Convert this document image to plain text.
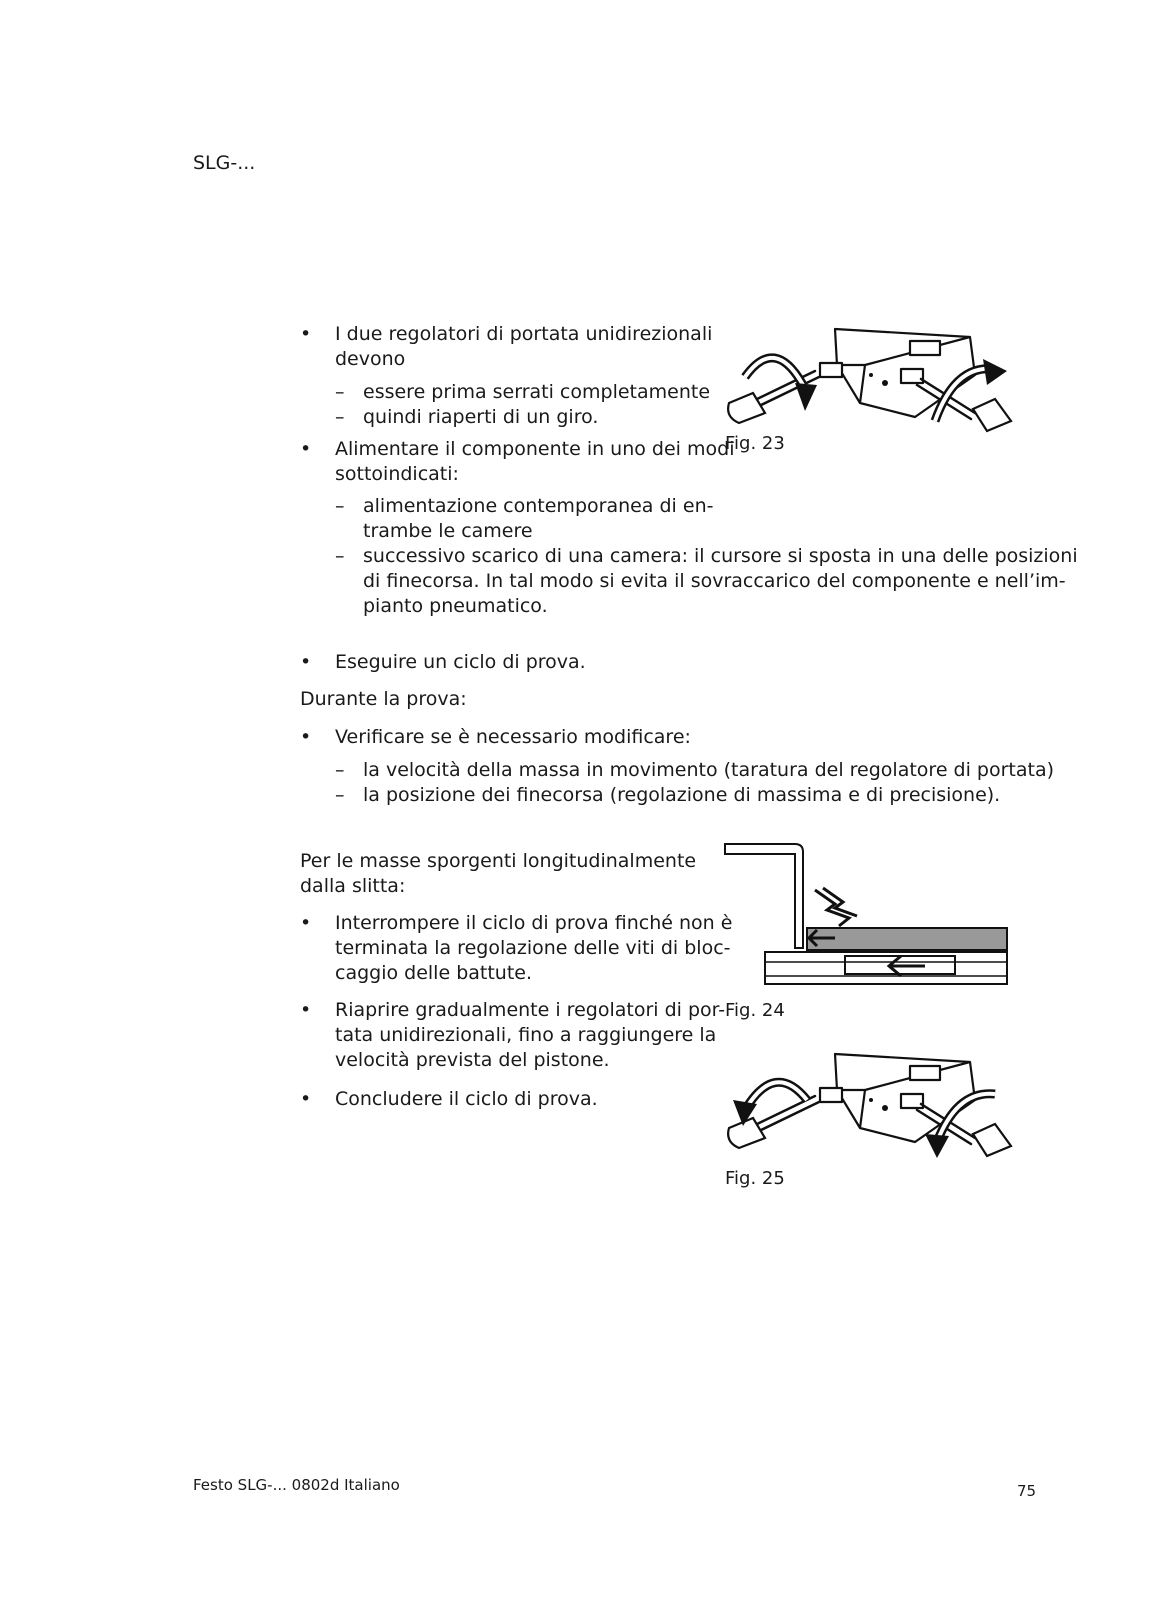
SLG-...
• I due regolatori di portata unidirezionali
devono
– essere prima serrati completamente
– quindi riaperti di un giro.
• Alimentare il componente in uno dei modi
sottoindicati:
– alimentazione contemporanea di en-
trambe le camere
– successivo scarico di una camera: il cursore si sposta in una delle posizioni
di finecorsa. In tal modo si evita il sovraccarico del componente e nell’im-
pianto pneumatico.
• Eseguire un ciclo di prova.
Durante la prova:
• Verificare se è necessario modificare:
– la velocità della massa in movimento (taratura del regolatore di portata)
– la posizione dei finecorsa (regolazione di massima e di precisione).
Per le masse sporgenti longitudinalmente
dalla slitta:
• Interrompere il ciclo di prova finché non è
terminata la regolazione delle viti di bloc-
caggio delle battute.
• Riaprire gradualmente i regolatori di por-
tata unidirezionali, fino a raggiungere la
velocità prevista del pistone.
• Concludere il ciclo di prova.
Fig. 23
Fig. 24
Fig. 25
Festo SLG-... 0802d Italiano	75
